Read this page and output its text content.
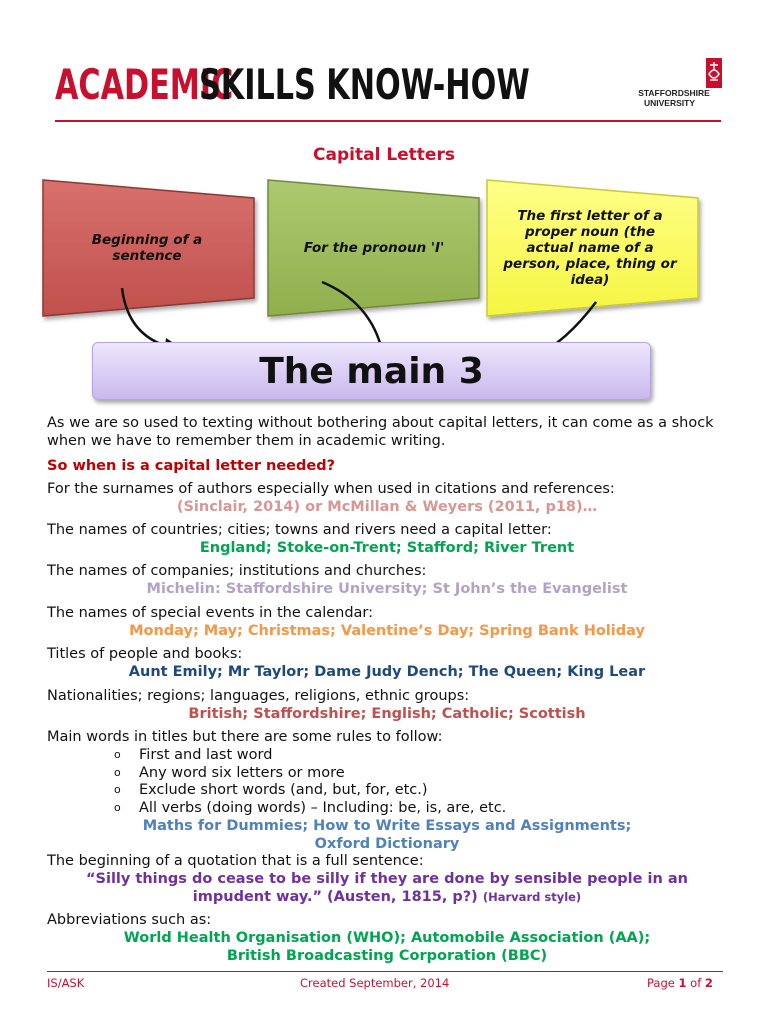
ACADEMIC
SKILLS KNOW-HOW	STAFFORDSHIRE
UNIVERSITY
Capital Letters
Beginning of a sentence	For the pronoun 'I'
The first letter of a proper noun (the actual name of a person, place, thing or idea)
The main 3
As we are so used to texting without bothering about capital letters, it can come as a shock when we have to remember them in academic writing.
So when is a capital letter needed?
For the surnames of authors especially when used in citations and references:
(Sinclair, 2014) or McMillan & Weyers (2011, p18)…
The names of countries; cities; towns and rivers need a capital letter:
England; Stoke-on-Trent; Stafford; River Trent
The names of companies; institutions and churches:
Michelin: Staffordshire University; St John’s the Evangelist
The names of special events in the calendar:
Monday; May; Christmas; Valentine’s Day; Spring Bank Holiday
Titles of people and books:
Aunt Emily; Mr Taylor; Dame Judy Dench; The Queen; King Lear
Nationalities; regions; languages, religions, ethnic groups:
British; Staffordshire; English; Catholic; Scottish
Main words in titles but there are some rules to follow:
o First and last word
o Any word six letters or more
o Exclude short words (and, but, for, etc.)
o All verbs (doing words) – Including: be, is, are, etc.
Maths for Dummies; How to Write Essays and Assignments;
Oxford Dictionary
The beginning of a quotation that is a full sentence:
“Silly things do cease to be silly if they are done by sensible people in an
impudent way.” (Austen, 1815, p?) (Harvard style)
Abbreviations such as:
World Health Organisation (WHO); Automobile Association (AA);
British Broadcasting Corporation (BBC)
IS/ASK	Created September, 2014	Page 1 of 2
